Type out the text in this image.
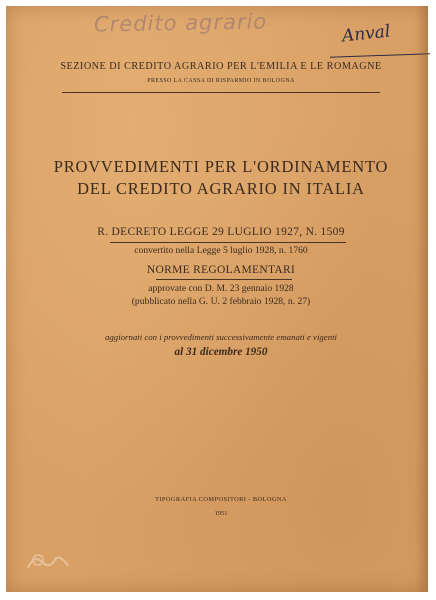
Credito agrario	Anval
SEZIONE DI CREDITO AGRARIO PER L'EMILIA E LE ROMAGNE
PRESSO LA CASSA DI RISPARMIO IN BOLOGNA
PROVVEDIMENTI PER L'ORDINAMENTO
DEL CREDITO AGRARIO IN ITALIA
R. DECRETO LEGGE 29 LUGLIO 1927, N. 1509
convertito nella Legge 5 luglio 1928, n. 1760
NORME REGOLAMENTARI
approvate con D. M. 23 gennaio 1928
(pubblicato nella G. U. 2 febbraio 1928, n. 27)
aggiornati con i provvedimenti successivamente emanati e vigenti
al 31 dicembre 1950
TIPOGRAFIA COMPOSITORI - BOLOGNA
1951
